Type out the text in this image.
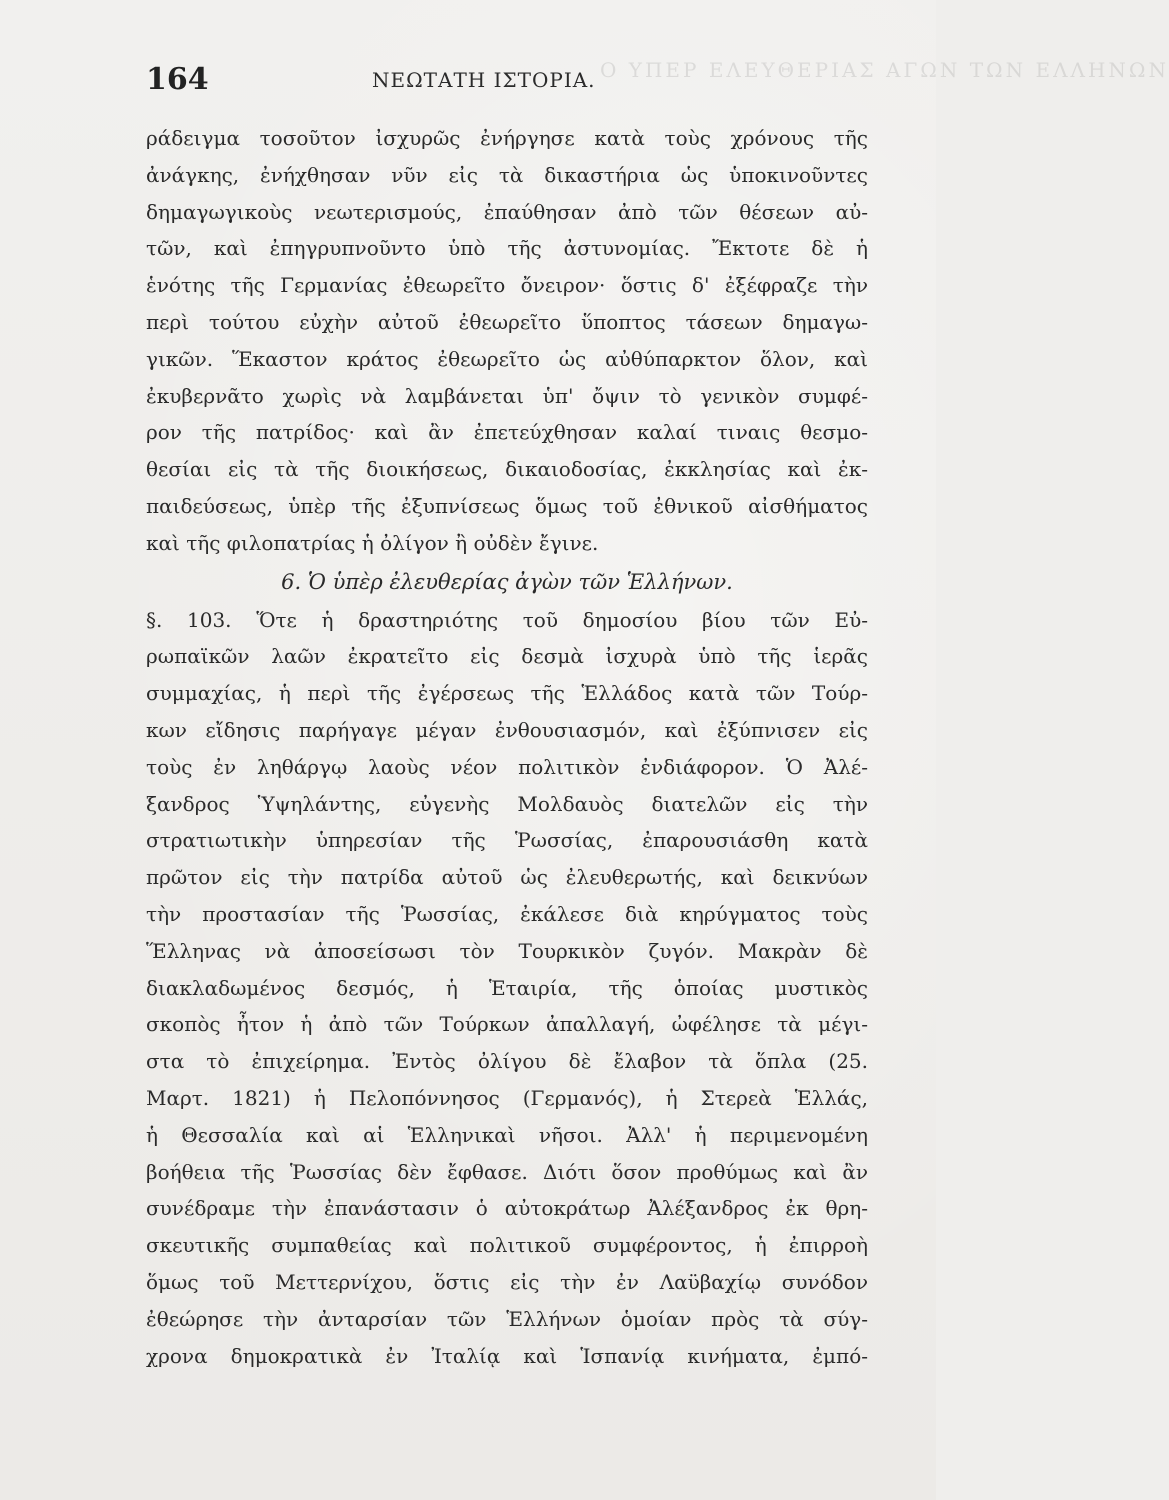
Ο ΥΠΕΡ ΕΛΕΥΘΕΡΙΑΣ ΑΓΩΝ ΤΩΝ ΕΛΛΗΝΩΝ
164	ΝΕΩΤΑΤΗ ΙΣΤΟΡΙΑ.
ράδειγμα τοσοῦτον ἰσχυρῶς ἐνήργησε κατὰ τοὺς χρόνους τῆς
ἀνάγκης, ἐνήχθησαν νῦν εἰς τὰ δικαστήρια ὡς ὑποκινοῦντες
δημαγωγικοὺς νεωτερισμούς, ἐπαύθησαν ἀπὸ τῶν θέσεων αὐ-
τῶν, καὶ ἐπηγρυπνοῦντο ὑπὸ τῆς ἀστυνομίας. Ἔκτοτε δὲ ἡ
ἑνότης τῆς Γερμανίας ἐθεωρεῖτο ὄνειρον· ὅστις δ' ἐξέφραζε τὴν
περὶ τούτου εὐχὴν αὐτοῦ ἐθεωρεῖτο ὕποπτος τάσεων δημαγω-
γικῶν. Ἕκαστον κράτος ἐθεωρεῖτο ὡς αὐθύπαρκτον ὅλον, καὶ
ἐκυβερνᾶτο χωρὶς νὰ λαμβάνεται ὑπ' ὄψιν τὸ γενικὸν συμφέ-
ρον τῆς πατρίδος· καὶ ἂν ἐπετεύχθησαν καλαί τιναις θεσμο-
θεσίαι εἰς τὰ τῆς διοικήσεως, δικαιοδοσίας, ἐκκλησίας καὶ ἐκ-
παιδεύσεως, ὑπὲρ τῆς ἐξυπνίσεως ὅμως τοῦ ἐθνικοῦ αἰσθήματος
καὶ τῆς φιλοπατρίας ἡ ὀλίγον ἢ οὐδὲν ἔγινε.
6. Ὁ ὑπὲρ ἐλευθερίας ἀγὼν τῶν Ἑλλήνων.
§. 103. Ὅτε ἡ δραστηριότης τοῦ δημοσίου βίου τῶν Εὐ-
ρωπαϊκῶν λαῶν ἐκρατεῖτο εἰς δεσμὰ ἰσχυρὰ ὑπὸ τῆς ἱερᾶς
συμμαχίας, ἡ περὶ τῆς ἐγέρσεως τῆς Ἑλλάδος κατὰ τῶν Τούρ-
κων εἴδησις παρήγαγε μέγαν ἐνθουσιασμόν, καὶ ἐξύπνισεν εἰς
τοὺς ἐν ληθάργῳ λαοὺς νέον πολιτικὸν ἐνδιάφορον. Ὁ Ἀλέ-
ξανδρος Ὑψηλάντης, εὐγενὴς Μολδαυὸς διατελῶν εἰς τὴν
στρατιωτικὴν ὑπηρεσίαν τῆς Ῥωσσίας, ἐπαρουσιάσθη κατὰ
πρῶτον εἰς τὴν πατρίδα αὐτοῦ ὡς ἐλευθερωτής, καὶ δεικνύων
τὴν προστασίαν τῆς Ῥωσσίας, ἐκάλεσε διὰ κηρύγματος τοὺς
Ἕλληνας νὰ ἀποσείσωσι τὸν Τουρκικὸν ζυγόν. Μακρὰν δὲ
διακλαδωμένος δεσμός, ἡ Ἑταιρία, τῆς ὁποίας μυστικὸς
σκοπὸς ἦτον ἡ ἀπὸ τῶν Τούρκων ἀπαλλαγή, ὠφέλησε τὰ μέγι-
στα τὸ ἐπιχείρημα. Ἐντὸς ὀλίγου δὲ ἔλαβον τὰ ὅπλα (25.
Μαρτ. 1821) ἡ Πελοπόννησος (Γερμανός), ἡ Στερεὰ Ἑλλάς,
ἡ Θεσσαλία καὶ αἱ Ἑλληνικαὶ νῆσοι. Ἀλλ' ἡ περιμενομένη
βοήθεια τῆς Ῥωσσίας δὲν ἔφθασε. Διότι ὅσον προθύμως καὶ ἂν
συνέδραμε τὴν ἐπανάστασιν ὁ αὐτοκράτωρ Ἀλέξανδρος ἐκ θρη-
σκευτικῆς συμπαθείας καὶ πολιτικοῦ συμφέροντος, ἡ ἐπιρροὴ
ὅμως τοῦ Μεττερνίχου, ὅστις εἰς τὴν ἐν Λαϋβαχίῳ συνόδον
ἐθεώρησε τὴν ἀνταρσίαν τῶν Ἑλλήνων ὁμοίαν πρὸς τὰ σύγ-
χρονα δημοκρατικὰ ἐν Ἰταλίᾳ καὶ Ἱσπανίᾳ κινήματα, ἐμπό-
